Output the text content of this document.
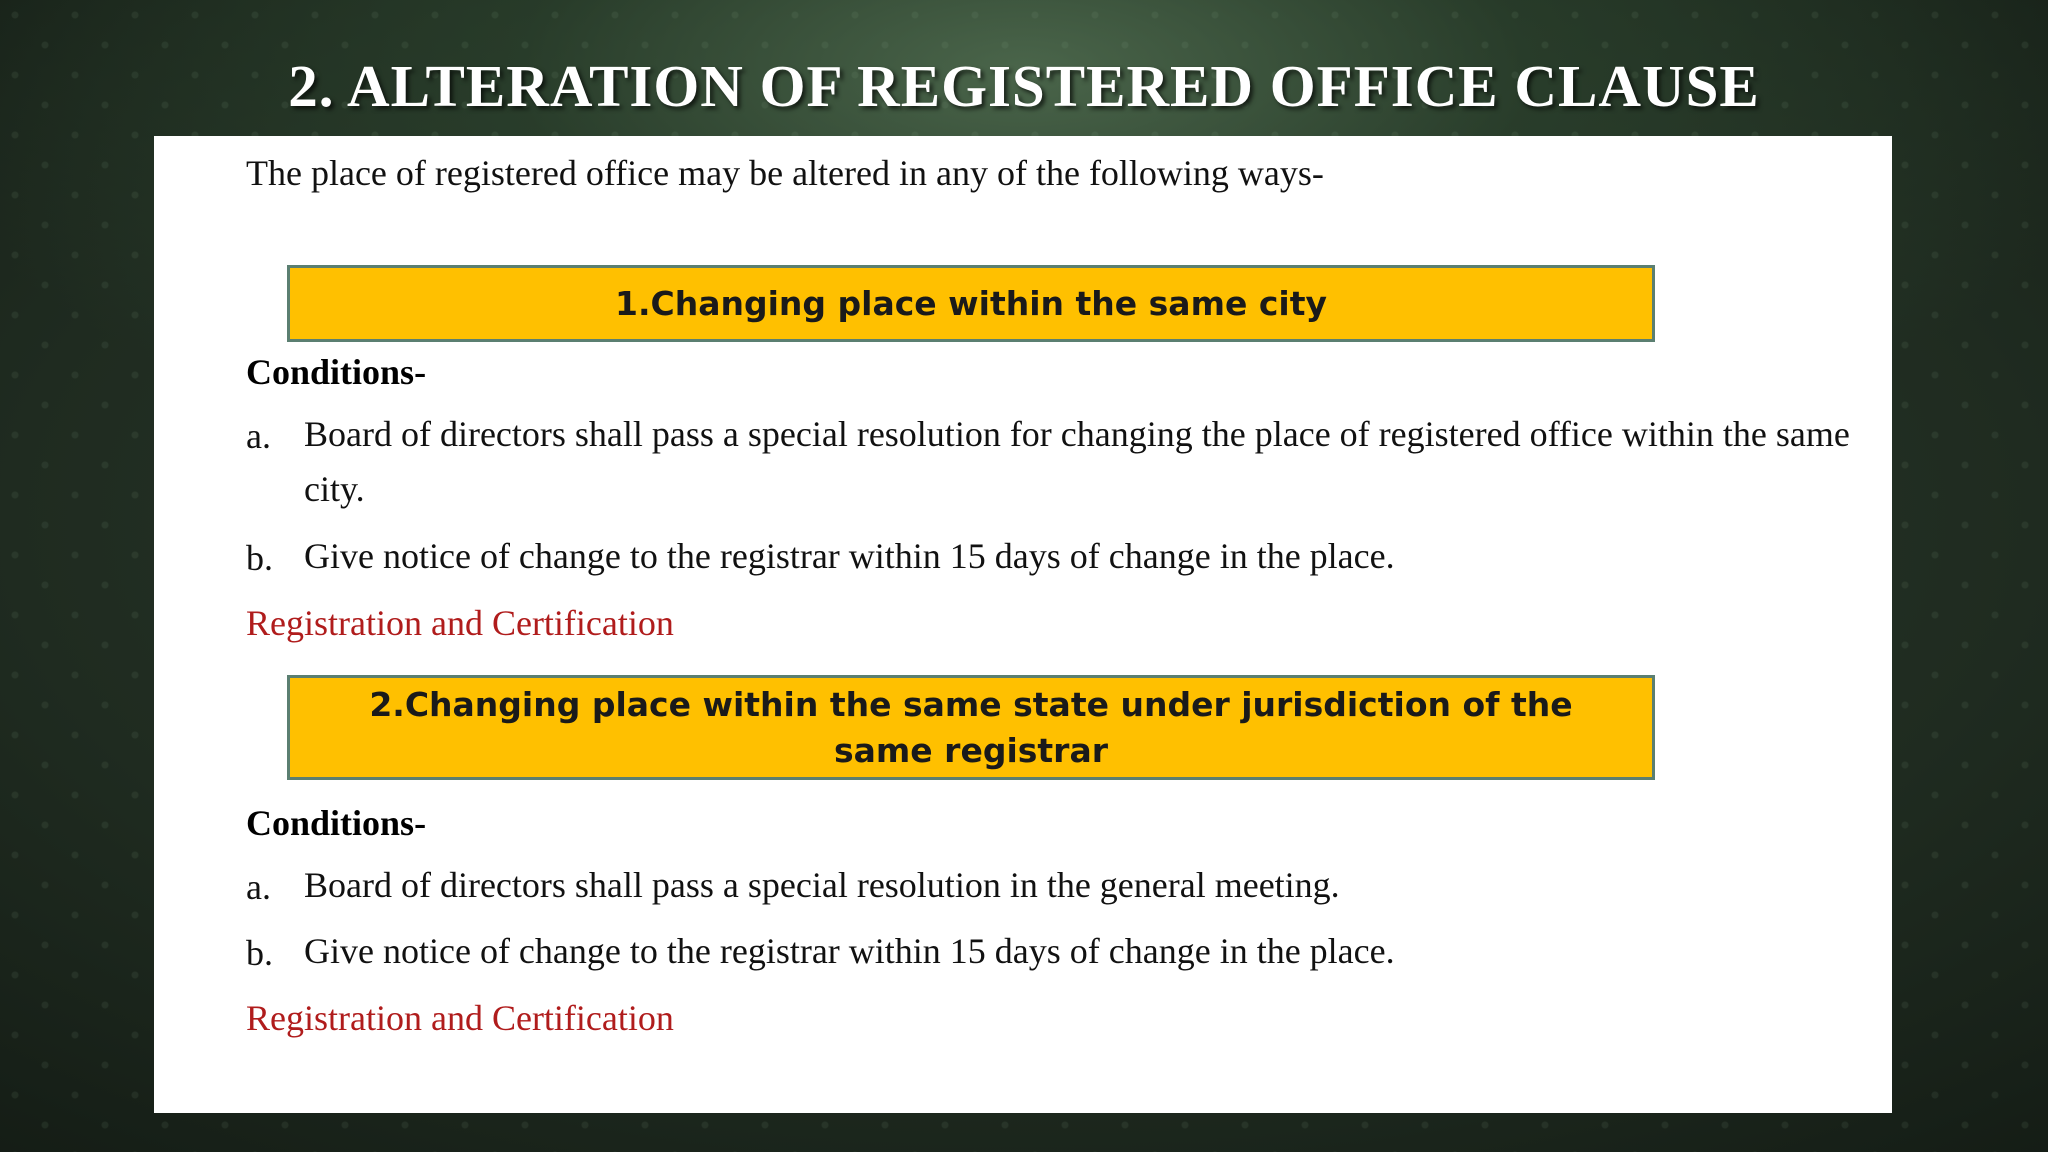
2. ALTERATION OF REGISTERED OFFICE CLAUSE

The place of registered office may be altered in any of the following ways-

1.Changing place within the same city

Conditions-

a. Board of directors shall pass a special resolution for changing the place of registered office within the same city.
b. Give notice of change to the registrar within 15 days of change in the place.

Registration and Certification

2.Changing place within the same state under jurisdiction of the same registrar

Conditions-

a. Board of directors shall pass a special resolution in the general meeting.
b. Give notice of change to the registrar within 15 days of change in the place.

Registration and Certification
